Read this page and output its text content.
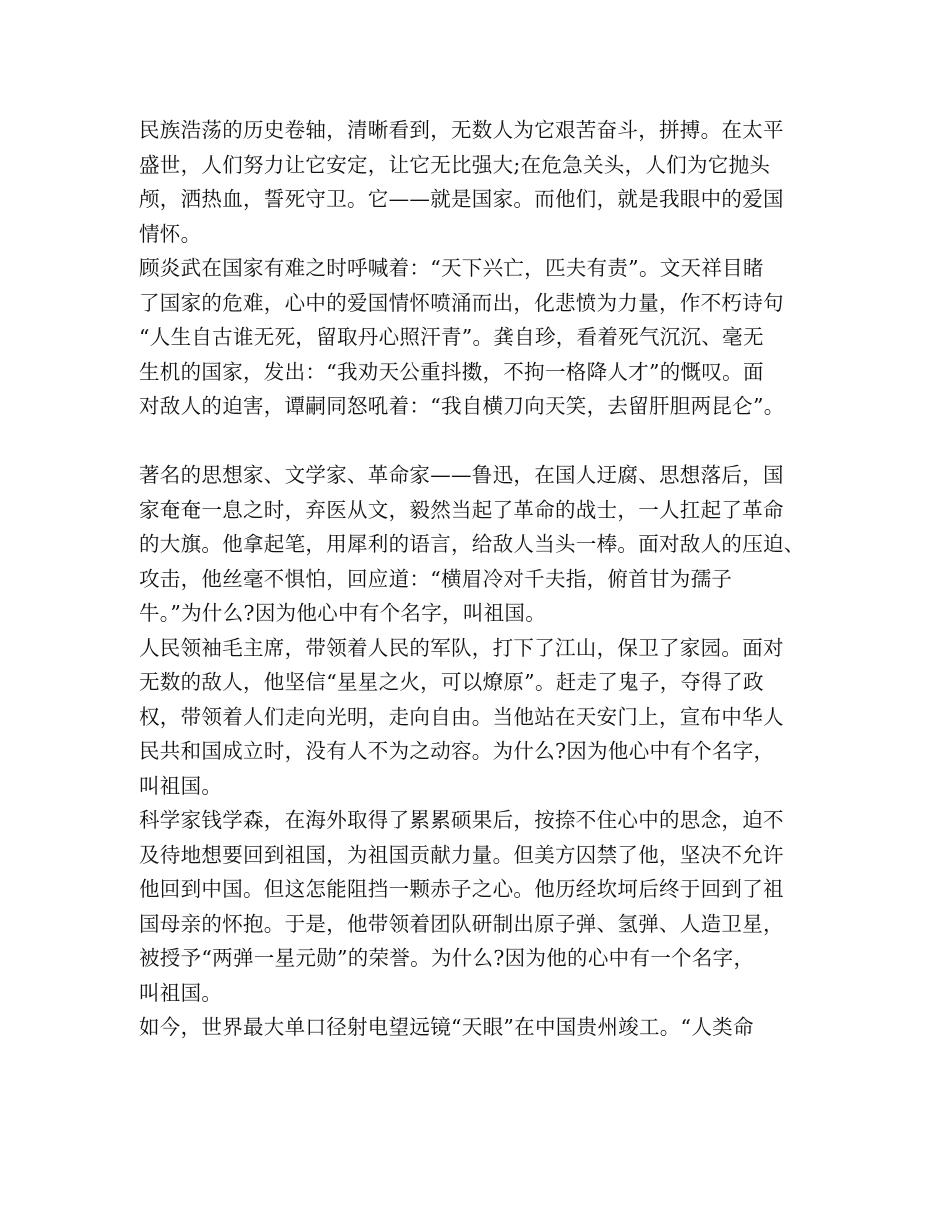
民族浩荡的历史卷轴，清晰看到，无数人为它艰苦奋斗，拼搏。在太平
盛世，人们努力让它安定，让它无比强大;在危急关头，人们为它抛头
颅，洒热血，誓死守卫。它——就是国家。而他们，就是我眼中的爱国
情怀。
顾炎武在国家有难之时呼喊着：“天下兴亡，匹夫有责”。文天祥目睹
了国家的危难，心中的爱国情怀喷涌而出，化悲愤为力量，作不朽诗句
“人生自古谁无死，留取丹心照汗青”。龚自珍，看着死气沉沉、毫无
生机的国家，发出：“我劝天公重抖擞，不拘一格降人才”的慨叹。面
对敌人的迫害，谭嗣同怒吼着：“我自横刀向天笑，去留肝胆两昆仑”。
著名的思想家、文学家、革命家——鲁迅，在国人迂腐、思想落后，国
家奄奄一息之时，弃医从文，毅然当起了革命的战士，一人扛起了革命
的大旗。他拿起笔，用犀利的语言，给敌人当头一棒。面对敌人的压迫、
攻击，他丝毫不惧怕，回应道：“横眉冷对千夫指，俯首甘为孺子
牛。”为什么?因为他心中有个名字，叫祖国。
人民领袖毛主席，带领着人民的军队，打下了江山，保卫了家园。面对
无数的敌人，他坚信“星星之火，可以燎原”。赶走了鬼子，夺得了政
权，带领着人们走向光明，走向自由。当他站在天安门上，宣布中华人
民共和国成立时，没有人不为之动容。为什么?因为他心中有个名字，
叫祖国。
科学家钱学森，在海外取得了累累硕果后，按捺不住心中的思念，迫不
及待地想要回到祖国，为祖国贡献力量。但美方囚禁了他，坚决不允许
他回到中国。但这怎能阻挡一颗赤子之心。他历经坎坷后终于回到了祖
国母亲的怀抱。于是，他带领着团队研制出原子弹、氢弹、人造卫星，
被授予“两弹一星元勋”的荣誉。为什么?因为他的心中有一个名字，
叫祖国。
如今，世界最大单口径射电望远镜“天眼”在中国贵州竣工。“人类命
